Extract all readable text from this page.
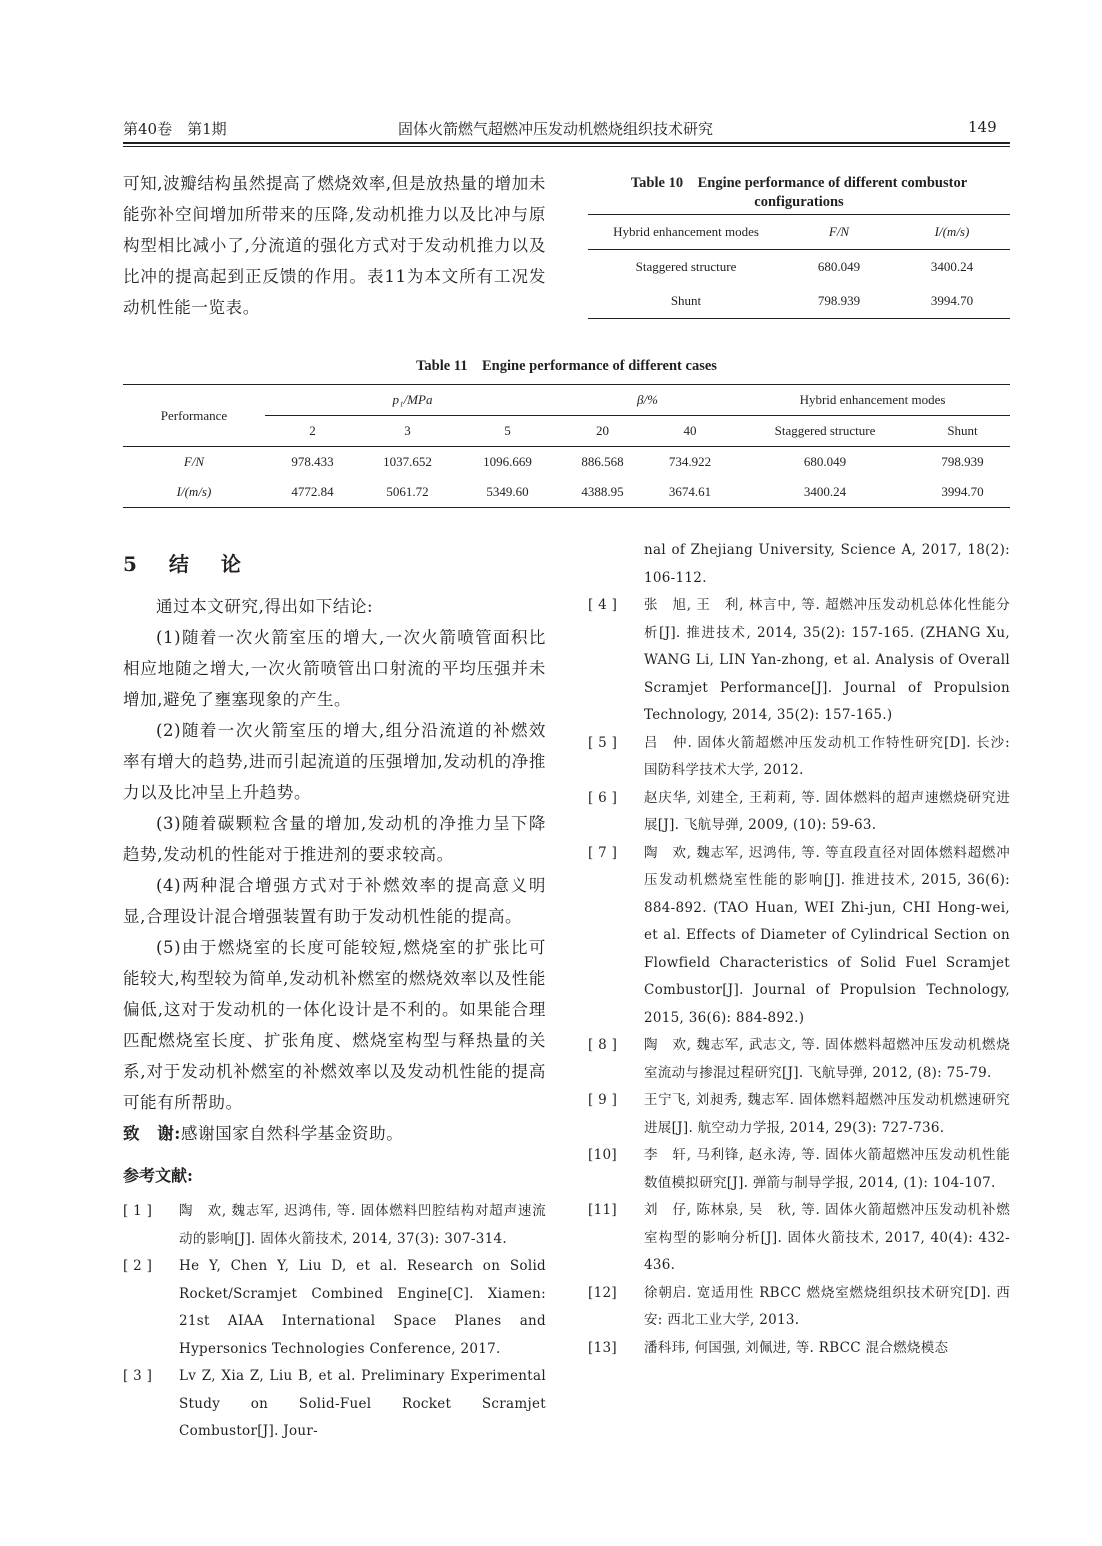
第40卷　第1期	固体火箭燃气超燃冲压发动机燃烧组织技术研究	149
可知,波瓣结构虽然提高了燃烧效率,但是放热量的增加未能弥补空间增加所带来的压降,发动机推力以及比冲与原构型相比减小了,分流道的强化方式对于发动机推力以及比冲的提高起到正反馈的作用。表11为本文所有工况发动机性能一览表。
Table 10　Engine performance of different combustor configurations
Hybrid enhancement modes	F/N	I/(m/s)
Staggered structure	680.049	3400.24
Shunt	798.939	3994.70
Table 11　Engine performance of different cases
Performance	p₁/MPa			β/%		Hybrid enhancement modes	
	2	3	5	20	40	Staggered structure	Shunt
F/N	978.433	1037.652	1096.669	886.568	734.922	680.049	798.939
I/(m/s)	4772.84	5061.72	5349.60	4388.95	3674.61	3400.24	3994.70
5　结　论
通过本文研究,得出如下结论:
(1)随着一次火箭室压的增大,一次火箭喷管面积比相应地随之增大,一次火箭喷管出口射流的平均压强并未增加,避免了壅塞现象的产生。
(2)随着一次火箭室压的增大,组分沿流道的补燃效率有增大的趋势,进而引起流道的压强增加,发动机的净推力以及比冲呈上升趋势。
(3)随着碳颗粒含量的增加,发动机的净推力呈下降趋势,发动机的性能对于推进剂的要求较高。
(4)两种混合增强方式对于补燃效率的提高意义明显,合理设计混合增强装置有助于发动机性能的提高。
(5)由于燃烧室的长度可能较短,燃烧室的扩张比可能较大,构型较为简单,发动机补燃室的燃烧效率以及性能偏低,这对于发动机的一体化设计是不利的。如果能合理匹配燃烧室长度、扩张角度、燃烧室构型与释热量的关系,对于发动机补燃室的补燃效率以及发动机性能的提高可能有所帮助。
致　谢:感谢国家自然科学基金资助。
参考文献:
[ 1 ]	陶　欢, 魏志军, 迟鸿伟, 等. 固体燃料凹腔结构对超声速流动的影响[J]. 固体火箭技术, 2014, 37(3): 307-314.
[ 2 ]	He Y, Chen Y, Liu D, et al. Research on Solid Rocket/Scramjet Combined Engine[C]. Xiamen: 21st AIAA International Space Planes and Hypersonics Technologies Conference, 2017.
[ 3 ]	Lv Z, Xia Z, Liu B, et al. Preliminary Experimental Study on Solid-Fuel Rocket Scramjet Combustor[J]. Jour-
nal of Zhejiang University, Science A, 2017, 18(2): 106-112.
[ 4 ]	张　旭, 王　利, 林言中, 等. 超燃冲压发动机总体化性能分析[J]. 推进技术, 2014, 35(2): 157-165. (ZHANG Xu, WANG Li, LIN Yan-zhong, et al. Analysis of Overall Scramjet Performance[J]. Journal of Propulsion Technology, 2014, 35(2): 157-165.)
[ 5 ]	吕　仲. 固体火箭超燃冲压发动机工作特性研究[D]. 长沙: 国防科学技术大学, 2012.
[ 6 ]	赵庆华, 刘建全, 王莉莉, 等. 固体燃料的超声速燃烧研究进展[J]. 飞航导弹, 2009, (10): 59-63.
[ 7 ]	陶　欢, 魏志军, 迟鸿伟, 等. 等直段直径对固体燃料超燃冲压发动机燃烧室性能的影响[J]. 推进技术, 2015, 36(6): 884-892. (TAO Huan, WEI Zhi-jun, CHI Hong-wei, et al. Effects of Diameter of Cylindrical Section on Flowfield Characteristics of Solid Fuel Scramjet Combustor[J]. Journal of Propulsion Technology, 2015, 36(6): 884-892.)
[ 8 ]	陶　欢, 魏志军, 武志文, 等. 固体燃料超燃冲压发动机燃烧室流动与掺混过程研究[J]. 飞航导弹, 2012, (8): 75-79.
[ 9 ]	王宁飞, 刘昶秀, 魏志军. 固体燃料超燃冲压发动机燃速研究进展[J]. 航空动力学报, 2014, 29(3): 727-736.
[10]	李　轩, 马利锋, 赵永涛, 等. 固体火箭超燃冲压发动机性能数值模拟研究[J]. 弹箭与制导学报, 2014, (1): 104-107.
[11]	刘　仔, 陈林泉, 吴　秋, 等. 固体火箭超燃冲压发动机补燃室构型的影响分析[J]. 固体火箭技术, 2017, 40(4): 432-436.
[12]	徐朝启. 宽适用性 RBCC 燃烧室燃烧组织技术研究[D]. 西安: 西北工业大学, 2013.
[13]	潘科玮, 何国强, 刘佩进, 等. RBCC 混合燃烧模态
